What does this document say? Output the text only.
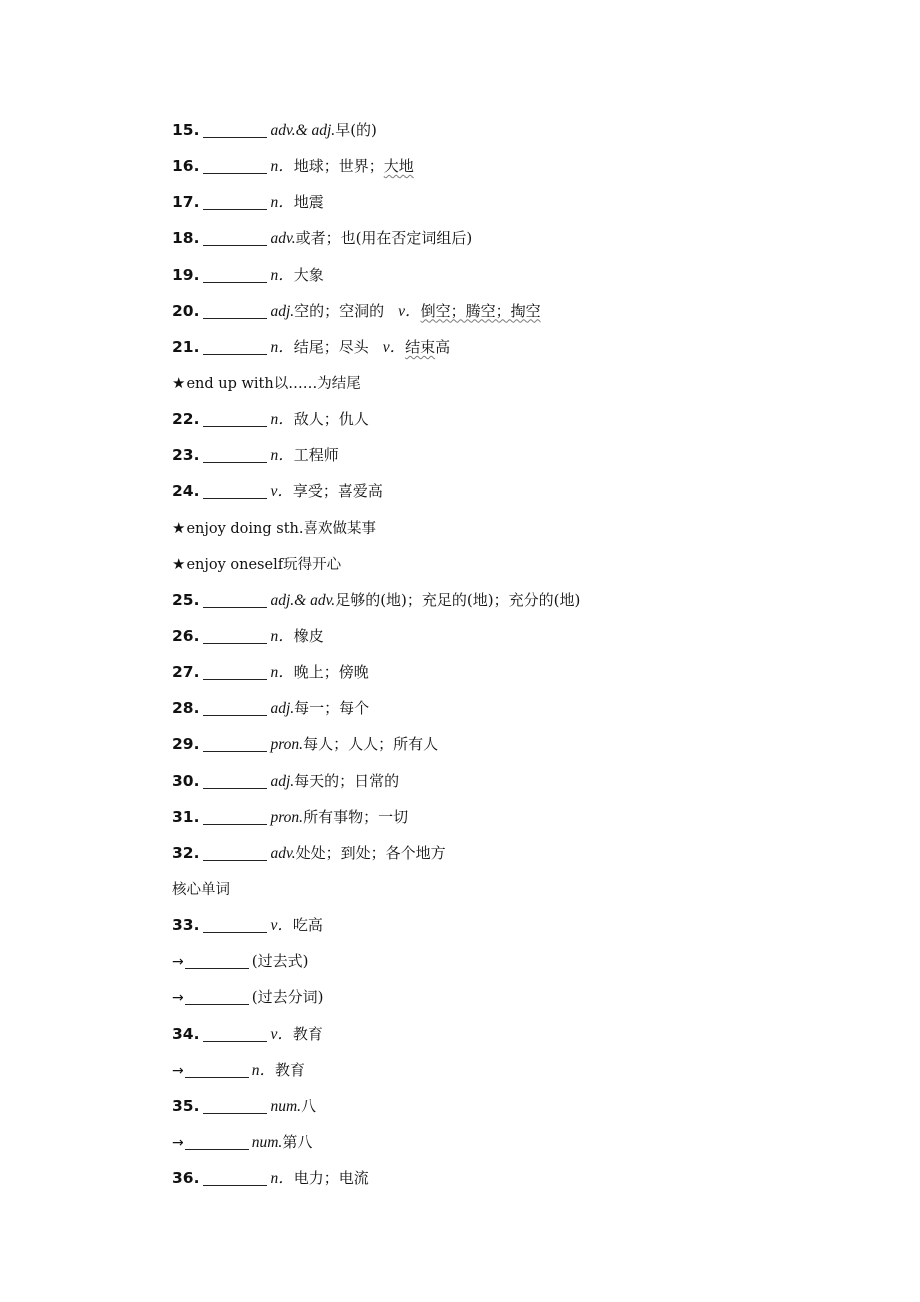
15.	adv.& adj.早(的)
16.	n．地球；世界；大地
17.	n．地震
18.	adv.或者；也(用在否定词组后)
19.	n．大象
20.	adj.空的；空洞的 v．倒空；腾空；掏空
21.	n．结尾；尽头 v．结束高
★end up with以……为结尾
22.	n．敌人；仇人
23.	n．工程师
24.	v．享受；喜爱高
★enjoy doing sth.喜欢做某事
★enjoy oneself玩得开心
25.	adj.& adv.足够的(地)；充足的(地)；充分的(地)
26.	n．橡皮
27.	n．晚上；傍晚
28.	adj.每一；每个
29.	pron.每人；人人；所有人
30.	adj.每天的；日常的
31.	pron.所有事物；一切
32.	adv.处处；到处；各个地方
核心单词
33.	v．吃高
→	(过去式)
→	(过去分词)
34.	v．教育
→	n．教育
35.	num.八
→	num.第八
36.	n．电力；电流
